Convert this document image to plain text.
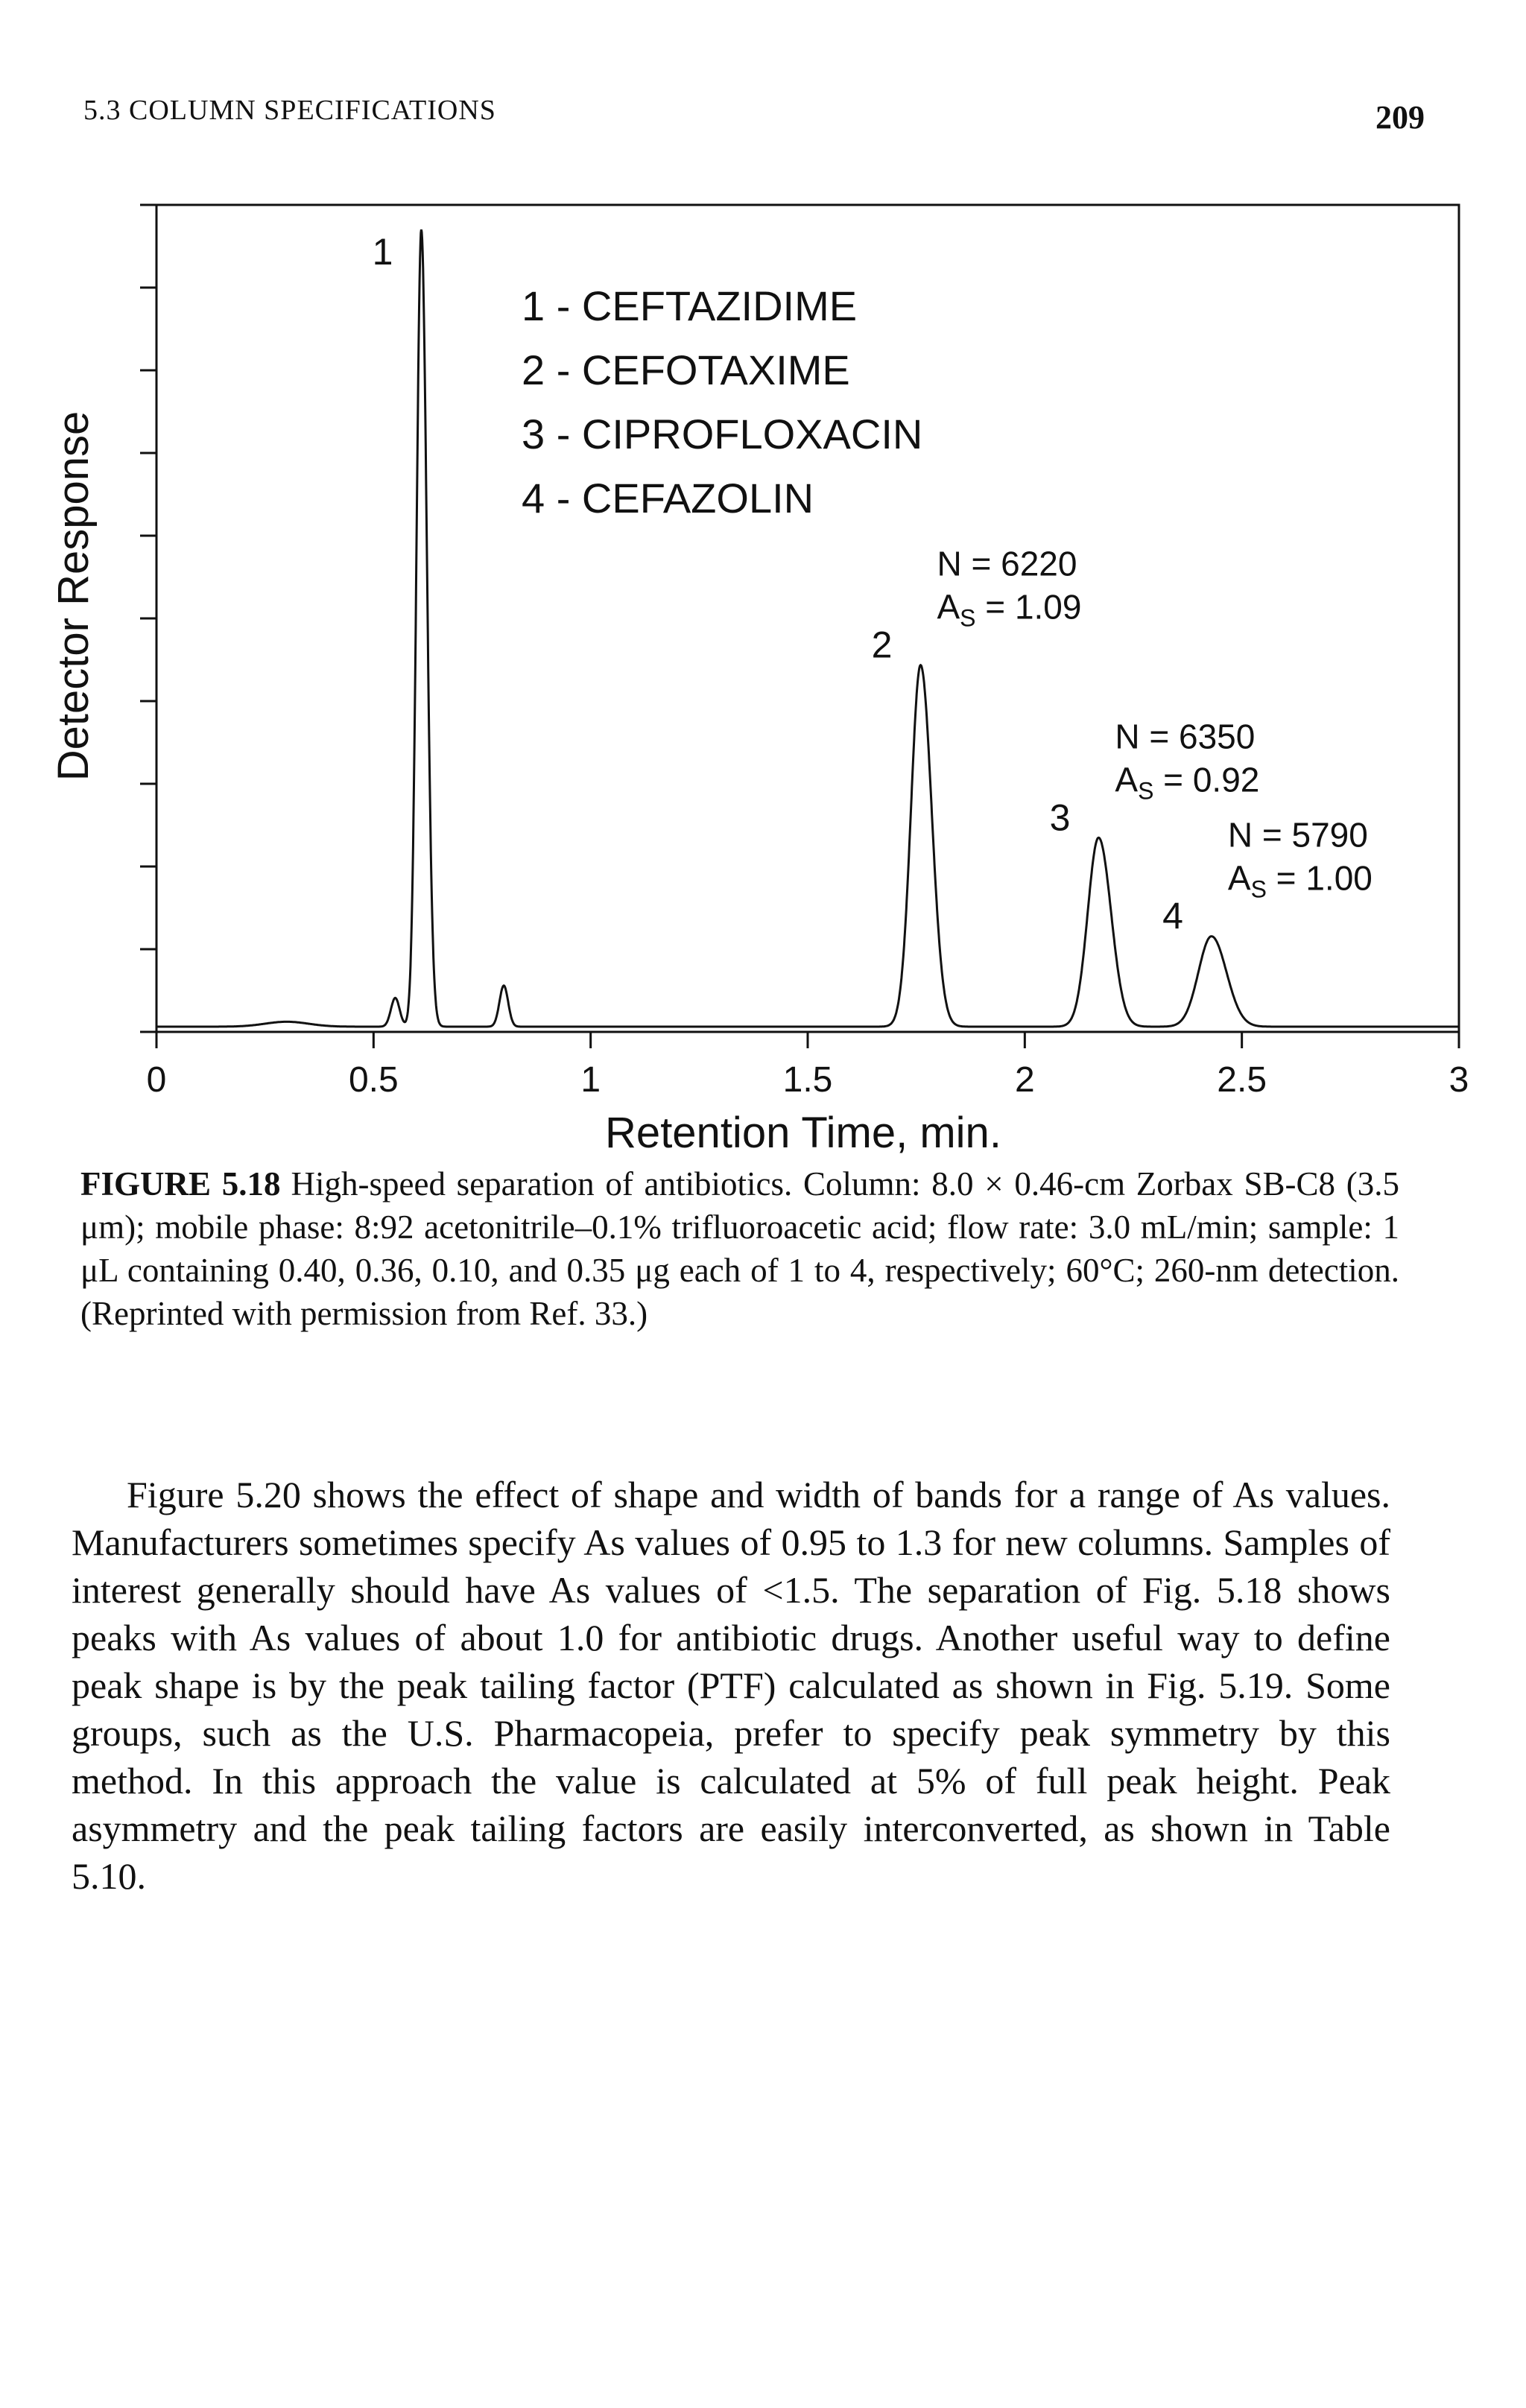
5.3 COLUMN SPECIFICATIONS	209
0	0.5	1	1.5	2	2.5	3
1 - CEFTAZIDIME
2 - CEFOTAXIME
3 - CIPROFLOXACIN
4 - CEFAZOLIN
1
2
N = 6220
$A_S = 1.09$
3
N = 6350
$A_S = 0.92$
4
N = 5790
$A_S = 1.00$
Detector Response
Retention Time, min.
FIGURE 5.18 High-speed separation of antibiotics. Column: 8.0 × 0.46-cm Zorbax SB-C8 (3.5 μm); mobile phase: 8:92 acetonitrile–0.1% trifluoroacetic acid; flow rate: 3.0 mL/min; sample: 1 μL containing 0.40, 0.36, 0.10, and 0.35 μg each of 1 to 4, respectively; 60°C; 260-nm detection. (Reprinted with permission from Ref. 33.)

Figure 5.20 shows the effect of shape and width of bands for a range of As values. Manufacturers sometimes specify As values of 0.95 to 1.3 for new columns. Samples of interest generally should have As values of <1.5. The separation of Fig. 5.18 shows peaks with As values of about 1.0 for antibiotic drugs. Another useful way to define peak shape is by the peak tailing factor (PTF) calculated as shown in Fig. 5.19. Some groups, such as the U.S. Pharmacopeia, prefer to specify peak symmetry by this method. In this approach the value is calculated at 5% of full peak height. Peak asymmetry and the peak tailing factors are easily interconverted, as shown in Table 5.10.
